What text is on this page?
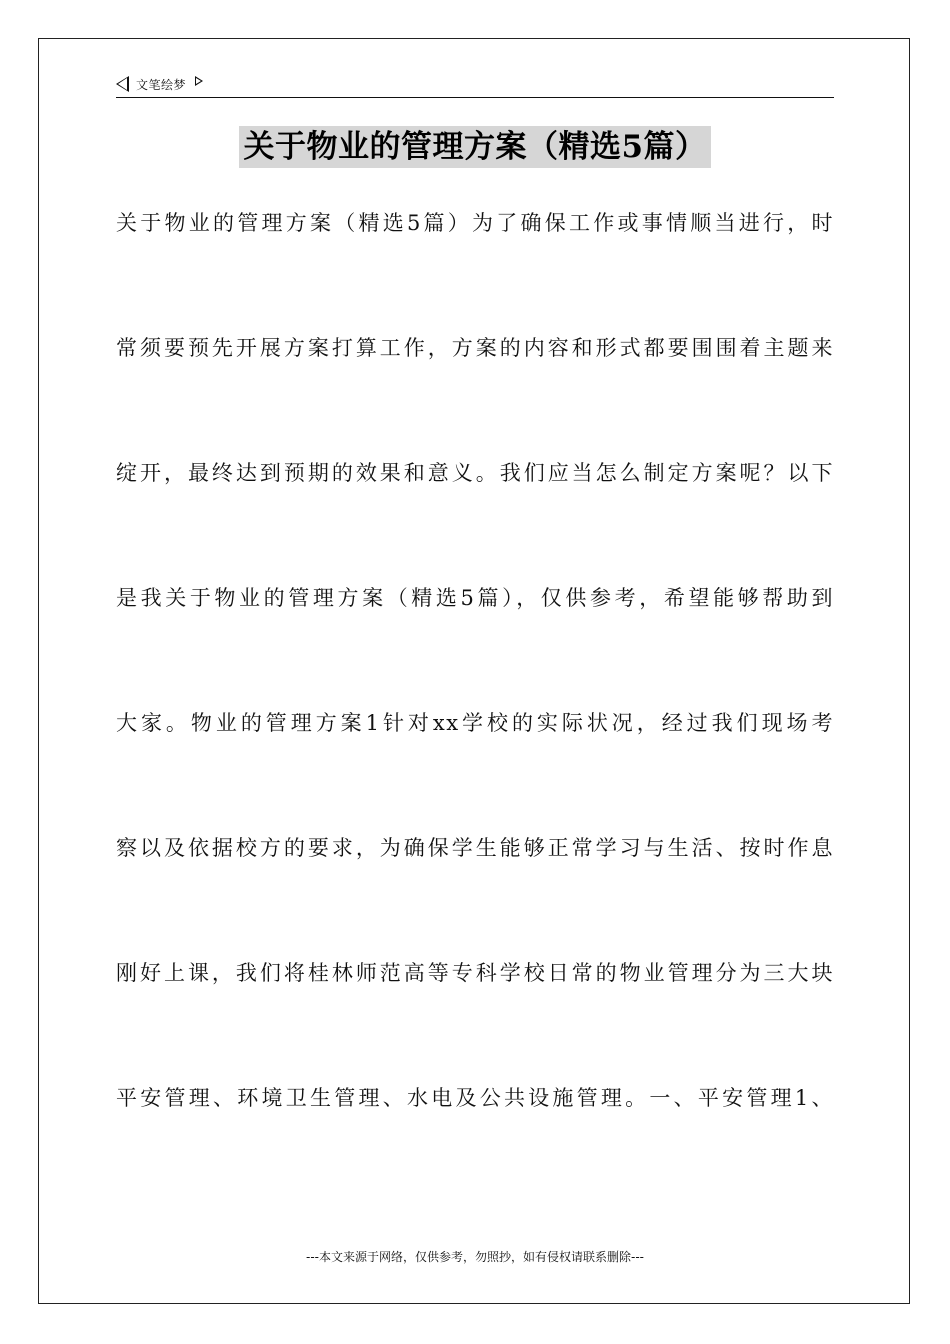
文笔绘梦
关于物业的管理方案（精选5篇）
关于物业的管理方案（精选5篇）为了确保工作或事情顺当进行，时
常须要预先开展方案打算工作，方案的内容和形式都要围围着主题来
绽开，最终达到预期的效果和意义。我们应当怎么制定方案呢？以下
是我关于物业的管理方案（精选5篇），仅供参考，希望能够帮助到
大家。物业的管理方案1针对xx学校的实际状况，经过我们现场考
察以及依据校方的要求，为确保学生能够正常学习与生活、按时作息
刚好上课，我们将桂林师范高等专科学校日常的物业管理分为三大块
平安管理、环境卫生管理、水电及公共设施管理。一、平安管理1、
---本文来源于网络，仅供参考，勿照抄，如有侵权请联系删除---
